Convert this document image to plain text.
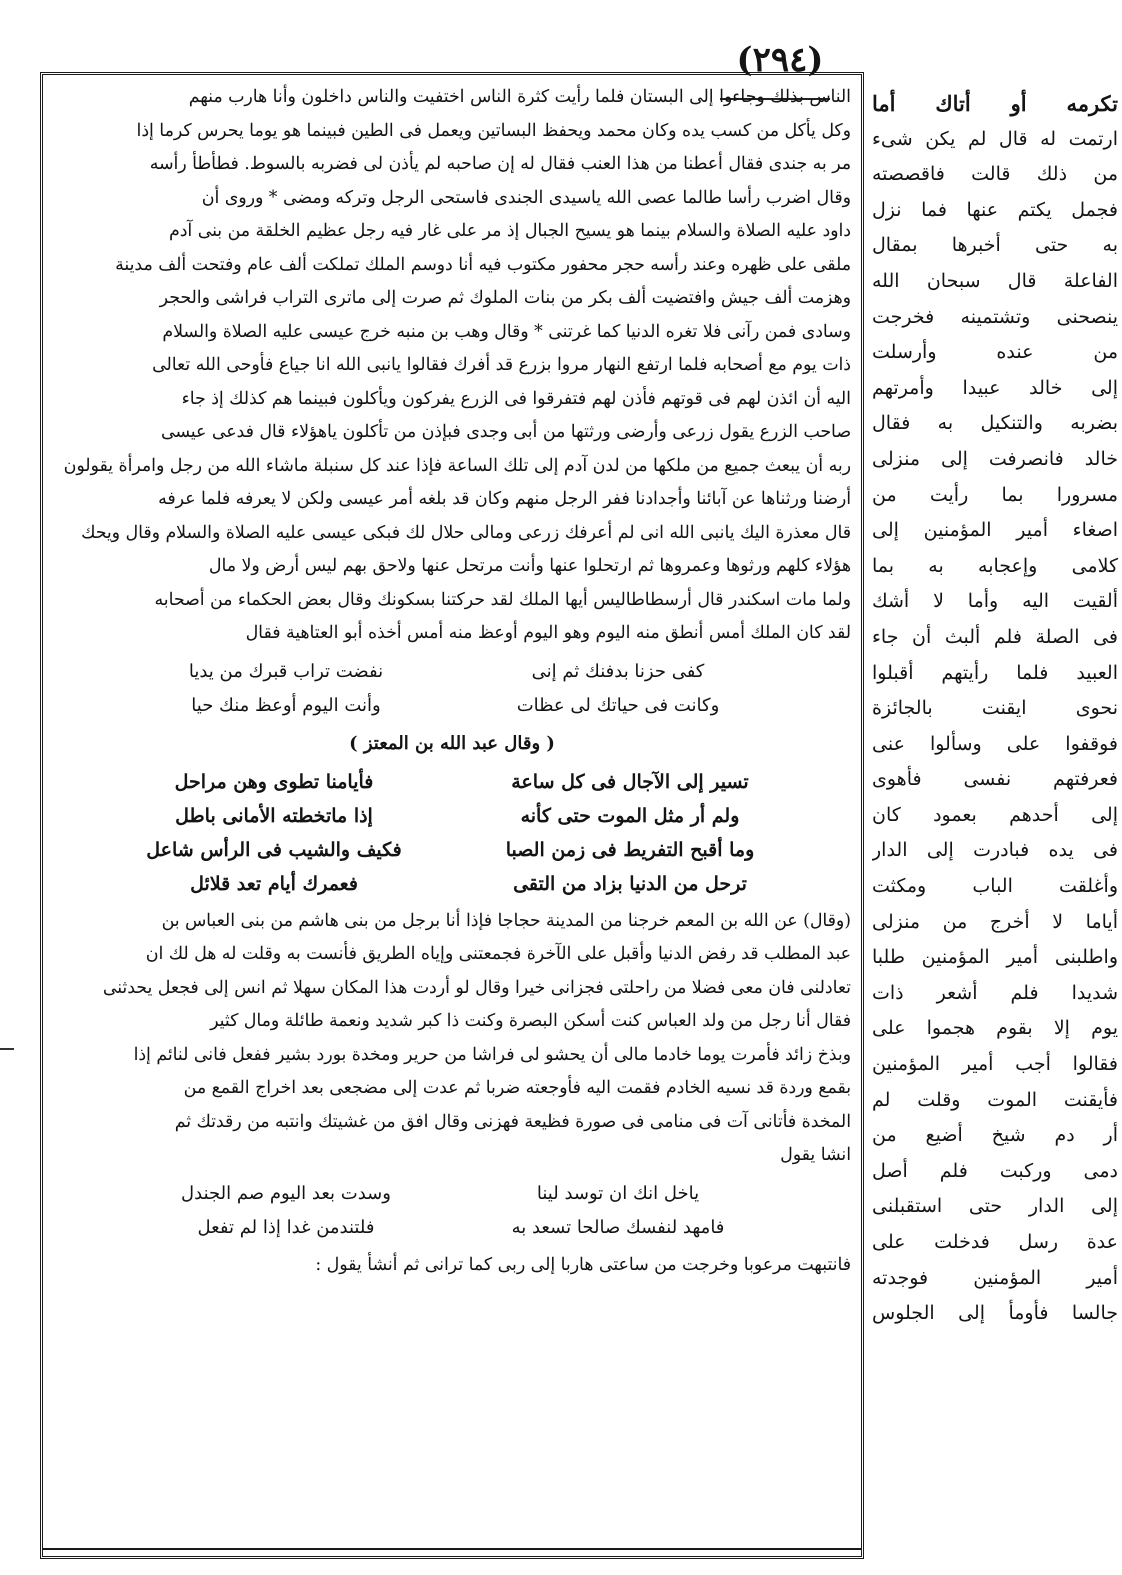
(٢٩٤)

الناس بذلك وجاءوا إلى البستان فلما رأيت كثرة الناس اختفيت والناس داخلون وأنا هارب منهم

وكل يأكل من كسب يده وكان محمد ويحفظ البساتين ويعمل فى الطين فبينما هو يوما يحرس كرما إذا

مر به جندى فقال أعطنا من هذا العنب فقال له إن صاحبه لم يأذن لى فضربه بالسوط. فطأطأ رأسه

وقال اضرب رأسا طالما عصى الله ياسيدى الجندى فاستحى الرجل وتركه ومضى * وروى أن

داود عليه الصلاة والسلام بينما هو يسيح الجبال إذ مر على غار فيه رجل عظيم الخلقة من بنى آدم

ملقى على ظهره وعند رأسه حجر محفور مكتوب فيه أنا دوسم الملك تملكت ألف عام وفتحت ألف مدينة

وهزمت ألف جيش وافتضيت ألف بكر من بنات الملوك ثم صرت إلى ماترى التراب فراشى والحجر

وسادى فمن رآنى فلا تغره الدنيا كما غرتنى * وقال وهب بن منبه خرج عيسى عليه الصلاة والسلام

ذات يوم مع أصحابه فلما ارتفع النهار مروا بزرع قد أفرك فقالوا يانبى الله انا جياع فأوحى الله تعالى

اليه أن ائذن لهم فى قوتهم فأذن لهم فتفرقوا فى الزرع يفركون ويأكلون فبينما هم كذلك إذ جاء

صاحب الزرع يقول زرعى وأرضى ورثتها من أبى وجدى فبإذن من تأكلون ياهؤلاء قال فدعى عيسى

ربه أن يبعث جميع من ملكها من لدن آدم إلى تلك الساعة فإذا عند كل سنبلة ماشاء الله من رجل وامرأة يقولون

أرضنا ورثناها عن آبائنا وأجدادنا ففر الرجل منهم وكان قد بلغه أمر عيسى ولكن لا يعرفه فلما عرفه

قال معذرة اليك يانبى الله انى لم أعرفك زرعى ومالى حلال لك فبكى عيسى عليه الصلاة والسلام وقال ويحك

هؤلاء كلهم ورثوها وعمروها ثم ارتحلوا عنها وأنت مرتحل عنها ولاحق بهم ليس أرض ولا مال

ولما مات اسكندر قال أرسطاطاليس أيها الملك لقد حركتنا بسكونك وقال بعض الحكماء من أصحابه

لقد كان الملك أمس أنطق منه اليوم وهو اليوم أوعظ منه أمس أخذه أبو العتاهية فقال

كفى حزنا بدفنك ثم إنى
نفضت تراب قبرك من يديا
وكانت فى حياتك لى عظات
وأنت اليوم أوعظ منك حيا
( وقال عبد الله بن المعتز )
تسير إلى الآجال فى كل ساعة
فأيامنا تطوى وهن مراحل
ولم أر مثل الموت حتى كأنه
إذا ماتخطته الأمانى باطل
وما أقبح التفريط فى زمن الصبا
فكيف والشيب فى الرأس شاعل
ترحل من الدنيا بزاد من التقى
فعمرك أيام تعد قلائل

(وقال) عن الله بن المعم خرجنا من المدينة حجاجا فإذا أنا برجل من بنى هاشم من بنى العباس بن

عبد المطلب قد رفض الدنيا وأقبل على الآخرة فجمعتنى وإياه الطريق فأنست به وقلت له هل لك ان

تعادلنى فان معى فضلا من راحلتى فجزانى خيرا وقال لو أردت هذا المكان سهلا ثم انس إلى فجعل يحدثنى

فقال أنا رجل من ولد العباس كنت أسكن البصرة وكنت ذا كبر شديد ونعمة طائلة ومال كثير

وبذخ زائد فأمرت يوما خادما مالى أن يحشو لى فراشا من حرير ومخدة بورد بشير ففعل فانى لنائم إذا

بقمع وردة قد نسيه الخادم فقمت اليه فأوجعته ضربا ثم عدت إلى مضجعى بعد اخراج القمع من

المخدة فأتانى آت فى منامى فى صورة فظيعة فهزنى وقال افق من غشيتك وانتبه من رقدتك ثم

انشا يقول

ياخل انك ان توسد لينا
وسدت بعد اليوم صم الجندل
فامهد لنفسك صالحا تسعد به
فلتندمن غدا إذا لم تفعل

فانتبهت مرعوبا وخرجت من ساعتى هاربا إلى ربى كما ترانى ثم أنشأ يقول :

تكرمه أو أتاك أما
ارتمت له قال لم يكن شىء
من ذلك قالت فاقصصته
فجمل يكتم عنها فما نزل
به حتى أخبرها بمقال
الفاعلة قال سبحان الله
ينصحنى وتشتمينه فخرجت
من عنده وأرسلت
إلى خالد عبيدا وأمرتهم
بضربه والتنكيل به فقال
خالد فانصرفت إلى منزلى
مسرورا بما رأيت من
اصغاء أمير المؤمنين إلى
كلامى وإعجابه به بما
ألقيت اليه وأما لا أشك
فى الصلة فلم ألبث أن جاء
العبيد فلما رأيتهم أقبلوا
نحوى ايقنت بالجائزة
فوقفوا على وسألوا عنى
فعرفتهم نفسى فأهوى
إلى أحدهم بعمود كان
فى يده فبادرت إلى الدار
وأغلقت الباب ومكثت
أياما لا أخرج من منزلى
واطلبنى أمير المؤمنين طلبا
شديدا فلم أشعر ذات
يوم إلا بقوم هجموا على
فقالوا أجب أمير المؤمنين
فأيقنت الموت وقلت لم
أر دم شيخ أضيع من
دمى وركبت فلم أصل
إلى الدار حتى استقبلنى
عدة رسل فدخلت على
أمير المؤمنين فوجدته
جالسا فأومأ إلى الجلوس
